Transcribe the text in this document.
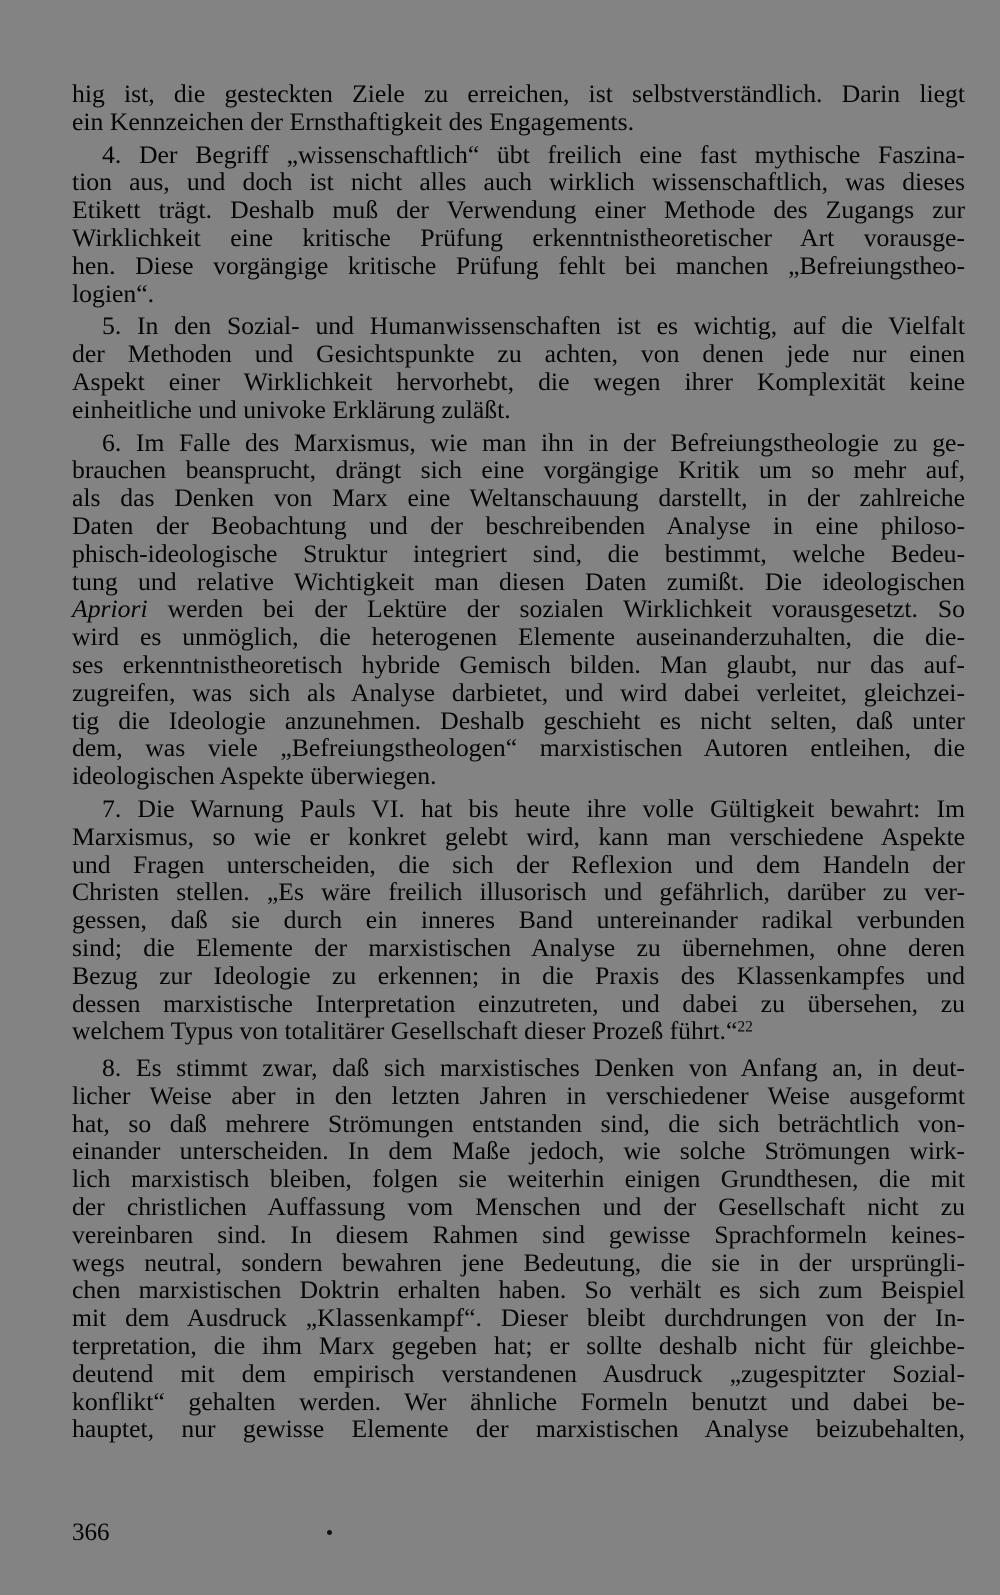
hig ist, die gesteckten Ziele zu erreichen, ist selbstverständlich. Darin liegt
ein Kennzeichen der Ernsthaftigkeit des Engagements.
4. Der Begriff „wissenschaftlich“ übt freilich eine fast mythische Faszina-
tion aus, und doch ist nicht alles auch wirklich wissenschaftlich, was dieses
Etikett trägt. Deshalb muß der Verwendung einer Methode des Zugangs zur
Wirklichkeit eine kritische Prüfung erkenntnistheoretischer Art vorausge-
hen. Diese vorgängige kritische Prüfung fehlt bei manchen „Befreiungstheo-
logien“.
5. In den Sozial- und Humanwissenschaften ist es wichtig, auf die Vielfalt
der Methoden und Gesichtspunkte zu achten, von denen jede nur einen
Aspekt einer Wirklichkeit hervorhebt, die wegen ihrer Komplexität keine
einheitliche und univoke Erklärung zuläßt.
6. Im Falle des Marxismus, wie man ihn in der Befreiungstheologie zu ge-
brauchen beansprucht, drängt sich eine vorgängige Kritik um so mehr auf,
als das Denken von Marx eine Weltanschauung darstellt, in der zahlreiche
Daten der Beobachtung und der beschreibenden Analyse in eine philoso-
phisch-ideologische Struktur integriert sind, die bestimmt, welche Bedeu-
tung und relative Wichtigkeit man diesen Daten zumißt. Die ideologischen
Apriori werden bei der Lektüre der sozialen Wirklichkeit vorausgesetzt. So
wird es unmöglich, die heterogenen Elemente auseinanderzuhalten, die die-
ses erkenntnistheoretisch hybride Gemisch bilden. Man glaubt, nur das auf-
zugreifen, was sich als Analyse darbietet, und wird dabei verleitet, gleichzei-
tig die Ideologie anzunehmen. Deshalb geschieht es nicht selten, daß unter
dem, was viele „Befreiungstheologen“ marxistischen Autoren entleihen, die
ideologischen Aspekte überwiegen.
7. Die Warnung Pauls VI. hat bis heute ihre volle Gültigkeit bewahrt: Im
Marxismus, so wie er konkret gelebt wird, kann man verschiedene Aspekte
und Fragen unterscheiden, die sich der Reflexion und dem Handeln der
Christen stellen. „Es wäre freilich illusorisch und gefährlich, darüber zu ver-
gessen, daß sie durch ein inneres Band untereinander radikal verbunden
sind; die Elemente der marxistischen Analyse zu übernehmen, ohne deren
Bezug zur Ideologie zu erkennen; in die Praxis des Klassenkampfes und
dessen marxistische Interpretation einzutreten, und dabei zu übersehen, zu
welchem Typus von totalitärer Gesellschaft dieser Prozeß führt.“$^{22}$
8. Es stimmt zwar, daß sich marxistisches Denken von Anfang an, in deut-
licher Weise aber in den letzten Jahren in verschiedener Weise ausgeformt
hat, so daß mehrere Strömungen entstanden sind, die sich beträchtlich von-
einander unterscheiden. In dem Maße jedoch, wie solche Strömungen wirk-
lich marxistisch bleiben, folgen sie weiterhin einigen Grundthesen, die mit
der christlichen Auffassung vom Menschen und der Gesellschaft nicht zu
vereinbaren sind. In diesem Rahmen sind gewisse Sprachformeln keines-
wegs neutral, sondern bewahren jene Bedeutung, die sie in der ursprüngli-
chen marxistischen Doktrin erhalten haben. So verhält es sich zum Beispiel
mit dem Ausdruck „Klassenkampf“. Dieser bleibt durchdrungen von der In-
terpretation, die ihm Marx gegeben hat; er sollte deshalb nicht für gleichbe-
deutend mit dem empirisch verstandenen Ausdruck „zugespitzter Sozial-
konflikt“ gehalten werden. Wer ähnliche Formeln benutzt und dabei be-
hauptet, nur gewisse Elemente der marxistischen Analyse beizubehalten,
366
